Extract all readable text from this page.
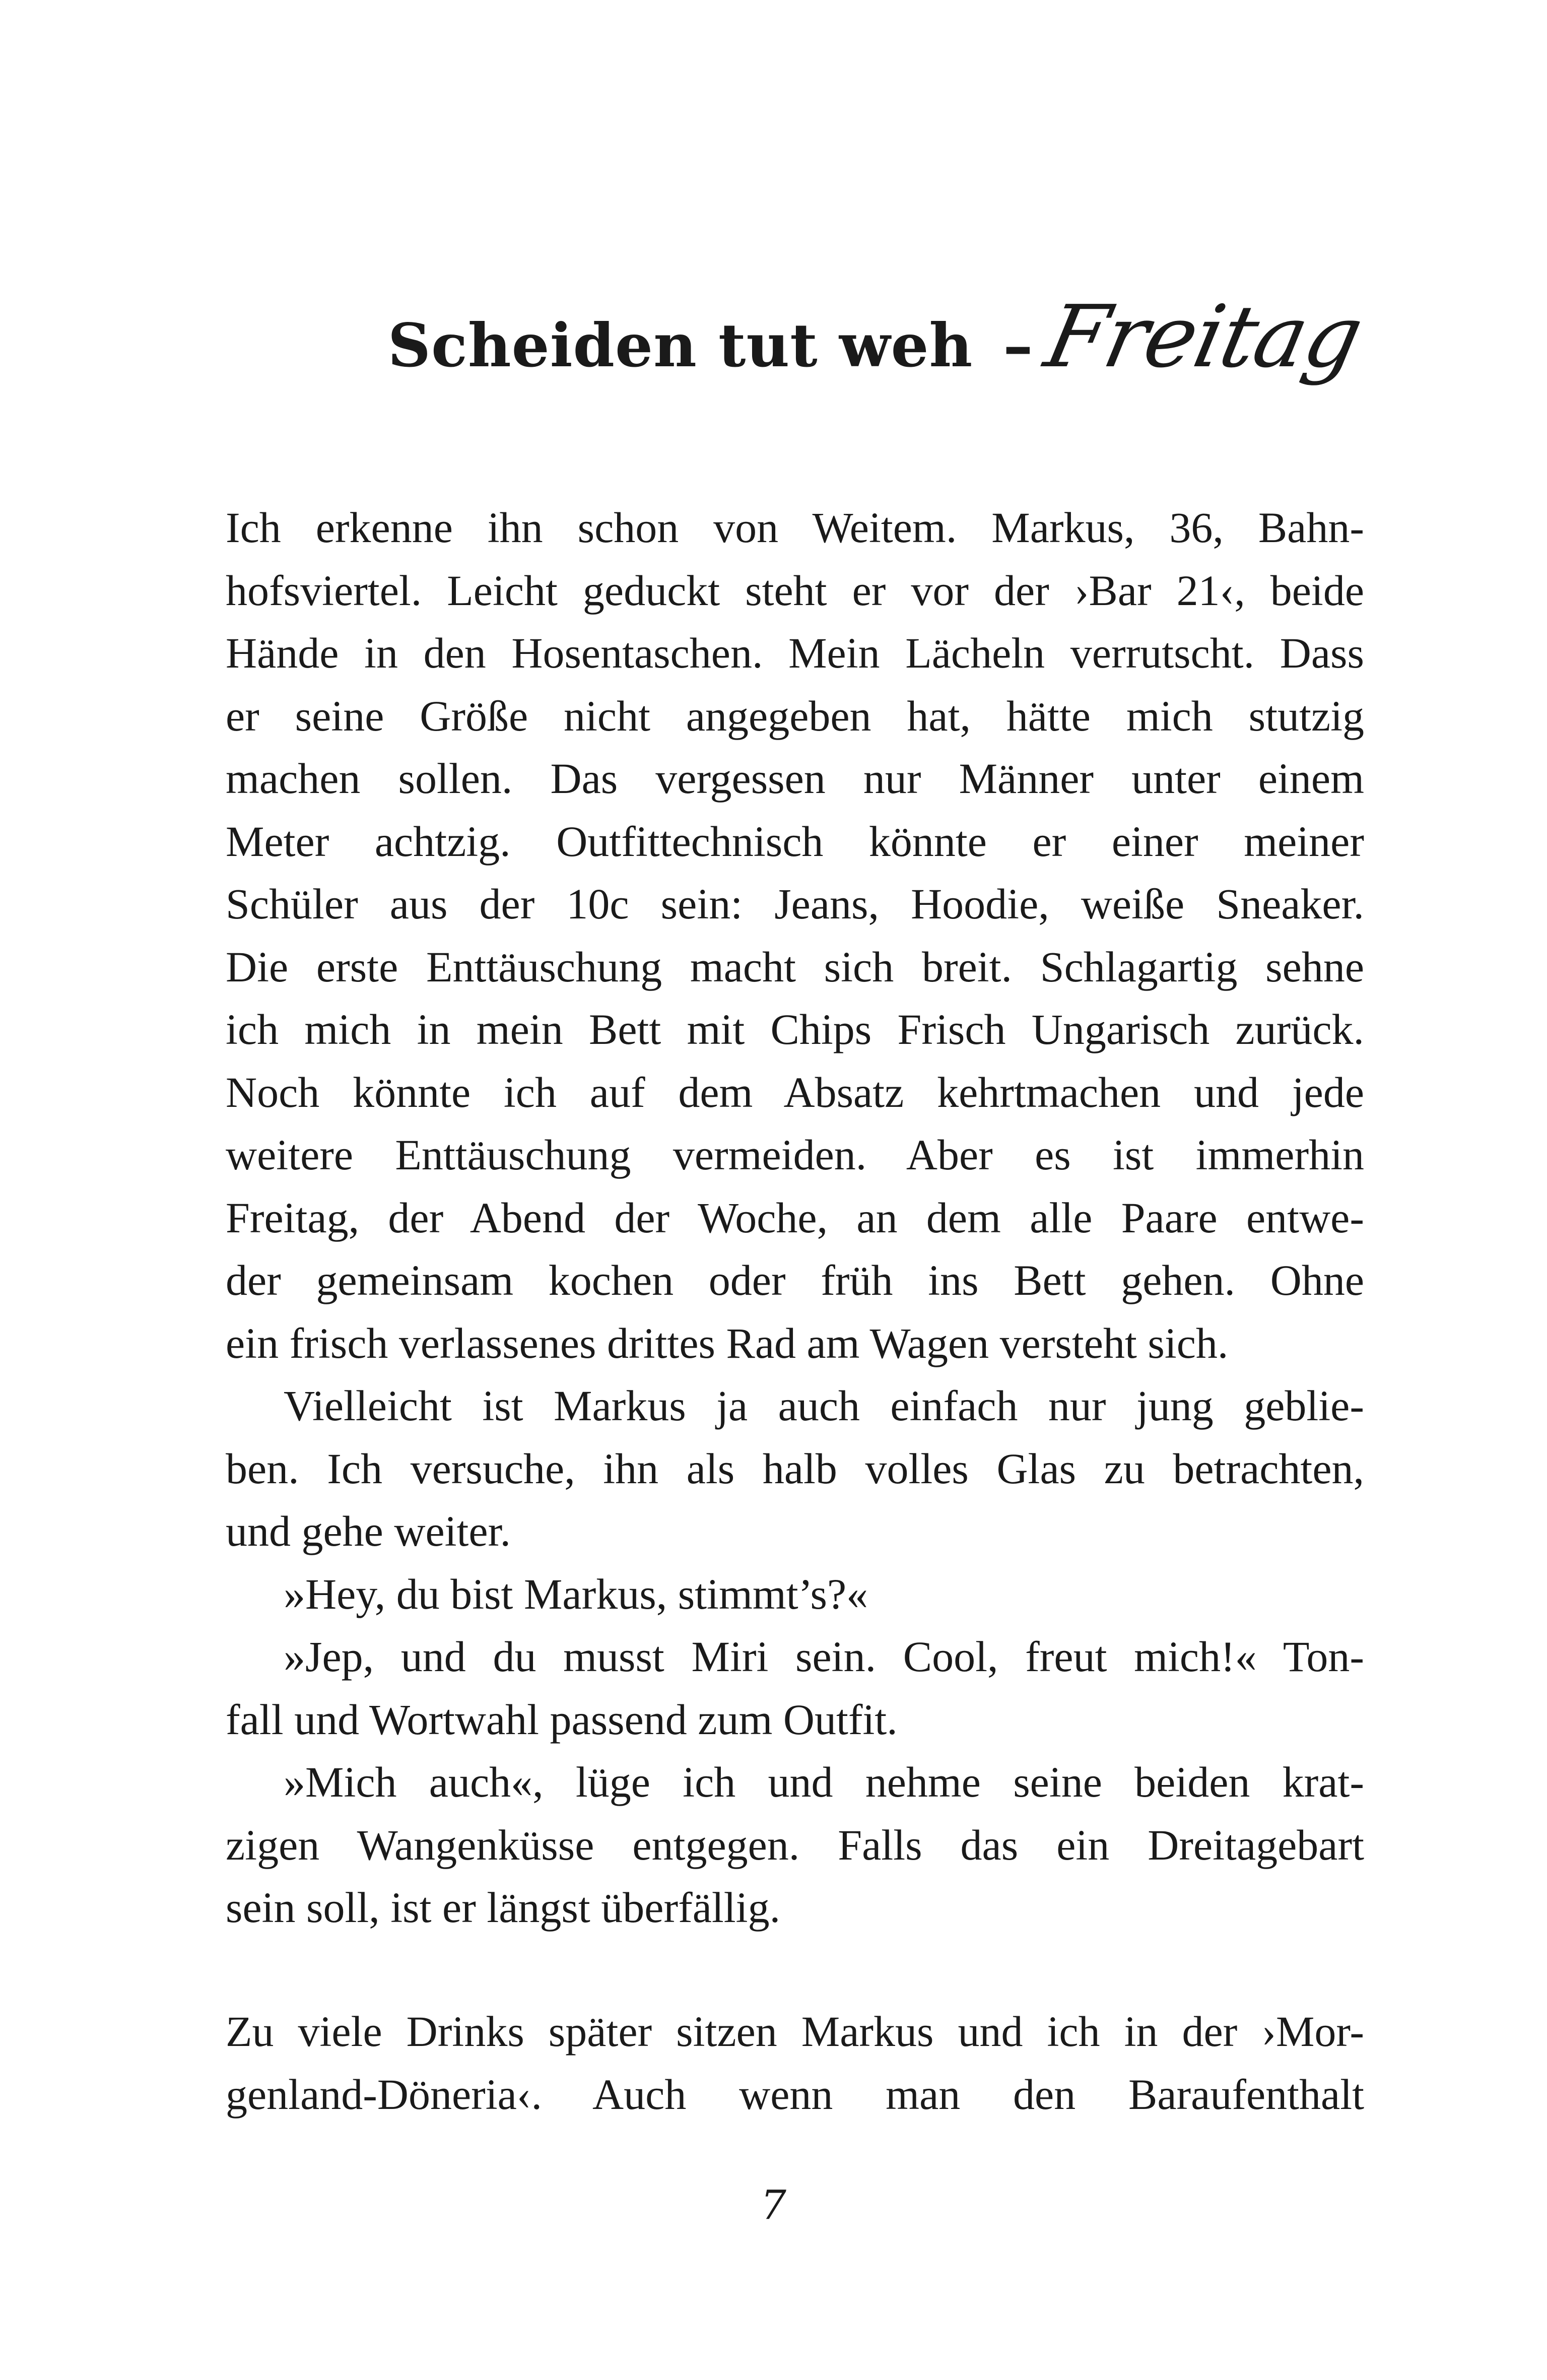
Scheiden tut weh – Freitag
Ich erkenne ihn schon von Weitem. Markus, 36, Bahn-
hofsviertel. Leicht geduckt steht er vor der ›Bar 21‹, beide
Hände in den Hosentaschen. Mein Lächeln verrutscht. Dass
er seine Größe nicht angegeben hat, hätte mich stutzig
machen sollen. Das vergessen nur Männer unter einem
Meter achtzig. Outfittechnisch könnte er einer meiner
Schüler aus der 10c sein: Jeans, Hoodie, weiße Sneaker.
Die erste Enttäuschung macht sich breit. Schlagartig sehne
ich mich in mein Bett mit Chips Frisch Ungarisch zurück.
Noch könnte ich auf dem Absatz kehrtmachen und jede
weitere Enttäuschung vermeiden. Aber es ist immerhin
Freitag, der Abend der Woche, an dem alle Paare entwe-
der gemeinsam kochen oder früh ins Bett gehen. Ohne
ein frisch verlassenes drittes Rad am Wagen versteht sich.
Vielleicht ist Markus ja auch einfach nur jung geblie-
ben. Ich versuche, ihn als halb volles Glas zu betrachten,
und gehe weiter.
»Hey, du bist Markus, stimmt’s?«
»Jep, und du musst Miri sein. Cool, freut mich!« Ton-
fall und Wortwahl passend zum Outfit.
»Mich auch«, lüge ich und nehme seine beiden krat-
zigen Wangenküsse entgegen. Falls das ein Dreitagebart
sein soll, ist er längst überfällig.
Zu viele Drinks später sitzen Markus und ich in der ›Mor-
genland-Döneria‹. Auch wenn man den Baraufenthalt
7
